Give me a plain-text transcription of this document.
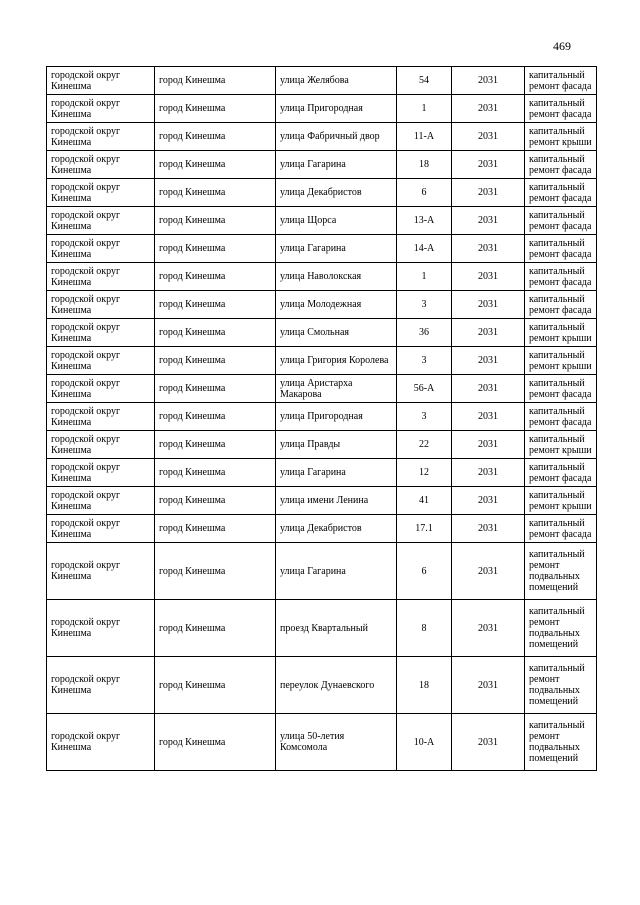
469
городской округ Кинешма	город Кинешма	улица Желябова	54	2031	капитальный ремонт фасада
городской округ Кинешма	город Кинешма	улица Пригородная	1	2031	капитальный ремонт фасада
городской округ Кинешма	город Кинешма	улица Фабричный двор	11-А	2031	капитальный ремонт крыши
городской округ Кинешма	город Кинешма	улица Гагарина	18	2031	капитальный ремонт фасада
городской округ Кинешма	город Кинешма	улица Декабристов	6	2031	капитальный ремонт фасада
городской округ Кинешма	город Кинешма	улица Щорса	13-А	2031	капитальный ремонт фасада
городской округ Кинешма	город Кинешма	улица Гагарина	14-А	2031	капитальный ремонт фасада
городской округ Кинешма	город Кинешма	улица Наволокская	1	2031	капитальный ремонт фасада
городской округ Кинешма	город Кинешма	улица Молодежная	3	2031	капитальный ремонт фасада
городской округ Кинешма	город Кинешма	улица Смольная	36	2031	капитальный ремонт крыши
городской округ Кинешма	город Кинешма	улица Григория Королева	3	2031	капитальный ремонт крыши
городской округ Кинешма	город Кинешма	улица Аристарха Макарова	56-А	2031	капитальный ремонт фасада
городской округ Кинешма	город Кинешма	улица Пригородная	3	2031	капитальный ремонт фасада
городской округ Кинешма	город Кинешма	улица Правды	22	2031	капитальный ремонт крыши
городской округ Кинешма	город Кинешма	улица Гагарина	12	2031	капитальный ремонт фасада
городской округ Кинешма	город Кинешма	улица имени Ленина	41	2031	капитальный ремонт крыши
городской округ Кинешма	город Кинешма	улица Декабристов	17.1	2031	капитальный ремонт фасада
городской округ Кинешма	город Кинешма	улица Гагарина	6	2031	капитальный ремонт подвальных помещений
городской округ Кинешма	город Кинешма	проезд Квартальный	8	2031	капитальный ремонт подвальных помещений
городской округ Кинешма	город Кинешма	переулок Дунаевского	18	2031	капитальный ремонт подвальных помещений
городской округ Кинешма	город Кинешма	улица 50-летия Комсомола	10-А	2031	капитальный ремонт подвальных помещений
